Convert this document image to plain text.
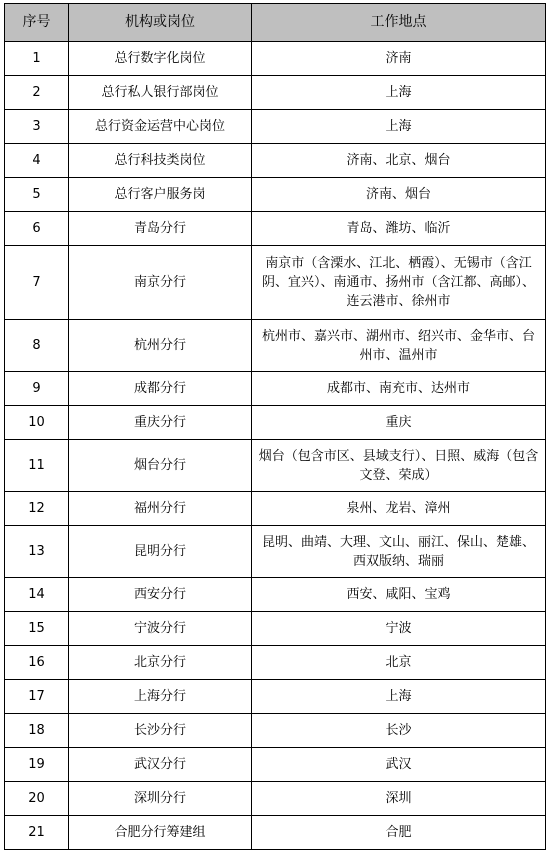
序号	机构或岗位	工作地点
1	总行数字化岗位	济南
2	总行私人银行部岗位	上海
3	总行资金运营中心岗位	上海
4	总行科技类岗位	济南、北京、烟台
5	总行客户服务岗	济南、烟台
6	青岛分行	青岛、潍坊、临沂
7	南京分行	南京市（含溧水、江北、栖霞）、无锡市（含江阴、宜兴）、南通市、扬州市（含江都、高邮）、连云港市、徐州市
8	杭州分行	杭州市、嘉兴市、湖州市、绍兴市、金华市、台州市、温州市
9	成都分行	成都市、南充市、达州市
10	重庆分行	重庆
11	烟台分行	烟台（包含市区、县域支行）、日照、威海（包含文登、荣成）
12	福州分行	泉州、龙岩、漳州
13	昆明分行	昆明、曲靖、大理、文山、丽江、保山、楚雄、西双版纳、瑞丽
14	西安分行	西安、咸阳、宝鸡
15	宁波分行	宁波
16	北京分行	北京
17	上海分行	上海
18	长沙分行	长沙
19	武汉分行	武汉
20	深圳分行	深圳
21	合肥分行筹建组	合肥
